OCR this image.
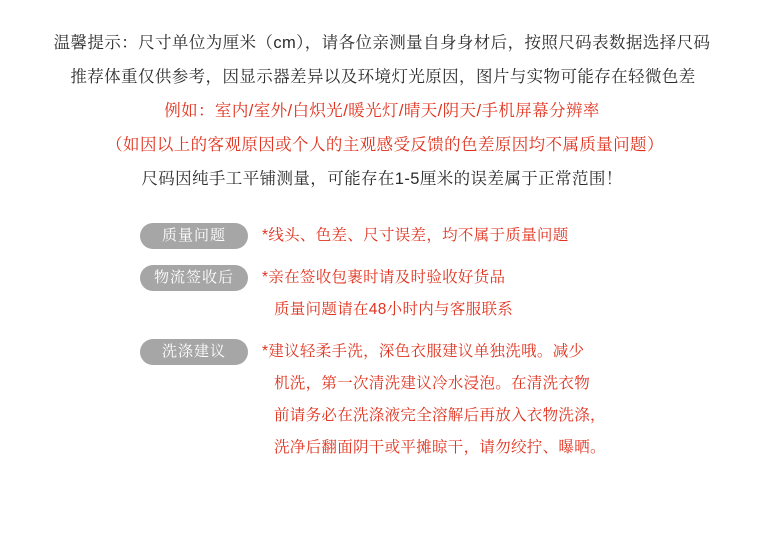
温馨提示：尺寸单位为厘米（cm），请各位亲测量自身身材后，按照尺码表数据选择尺码
推荐体重仅供参考，因显示器差异以及环境灯光原因，图片与实物可能存在轻微色差
例如：室内/室外/白炽光/暖光灯/晴天/阴天/手机屏幕分辨率
（如因以上的客观原因或个人的主观感受反馈的色差原因均不属质量问题）
尺码因纯手工平铺测量，可能存在1-5厘米的误差属于正常范围！
质量问题	*线头、色差、尺寸误差，均不属于质量问题

物流签收后	*亲在签收包裹时请及时验收好货品

质量问题请在48小时内与客服联系

洗涤建议	*建议轻柔手洗，深色衣服建议单独洗哦。减少

机洗，第一次清洗建议冷水浸泡。在清洗衣物

前请务必在洗涤液完全溶解后再放入衣物洗涤，

洗净后翻面阴干或平摊晾干，请勿绞拧、曝晒。
